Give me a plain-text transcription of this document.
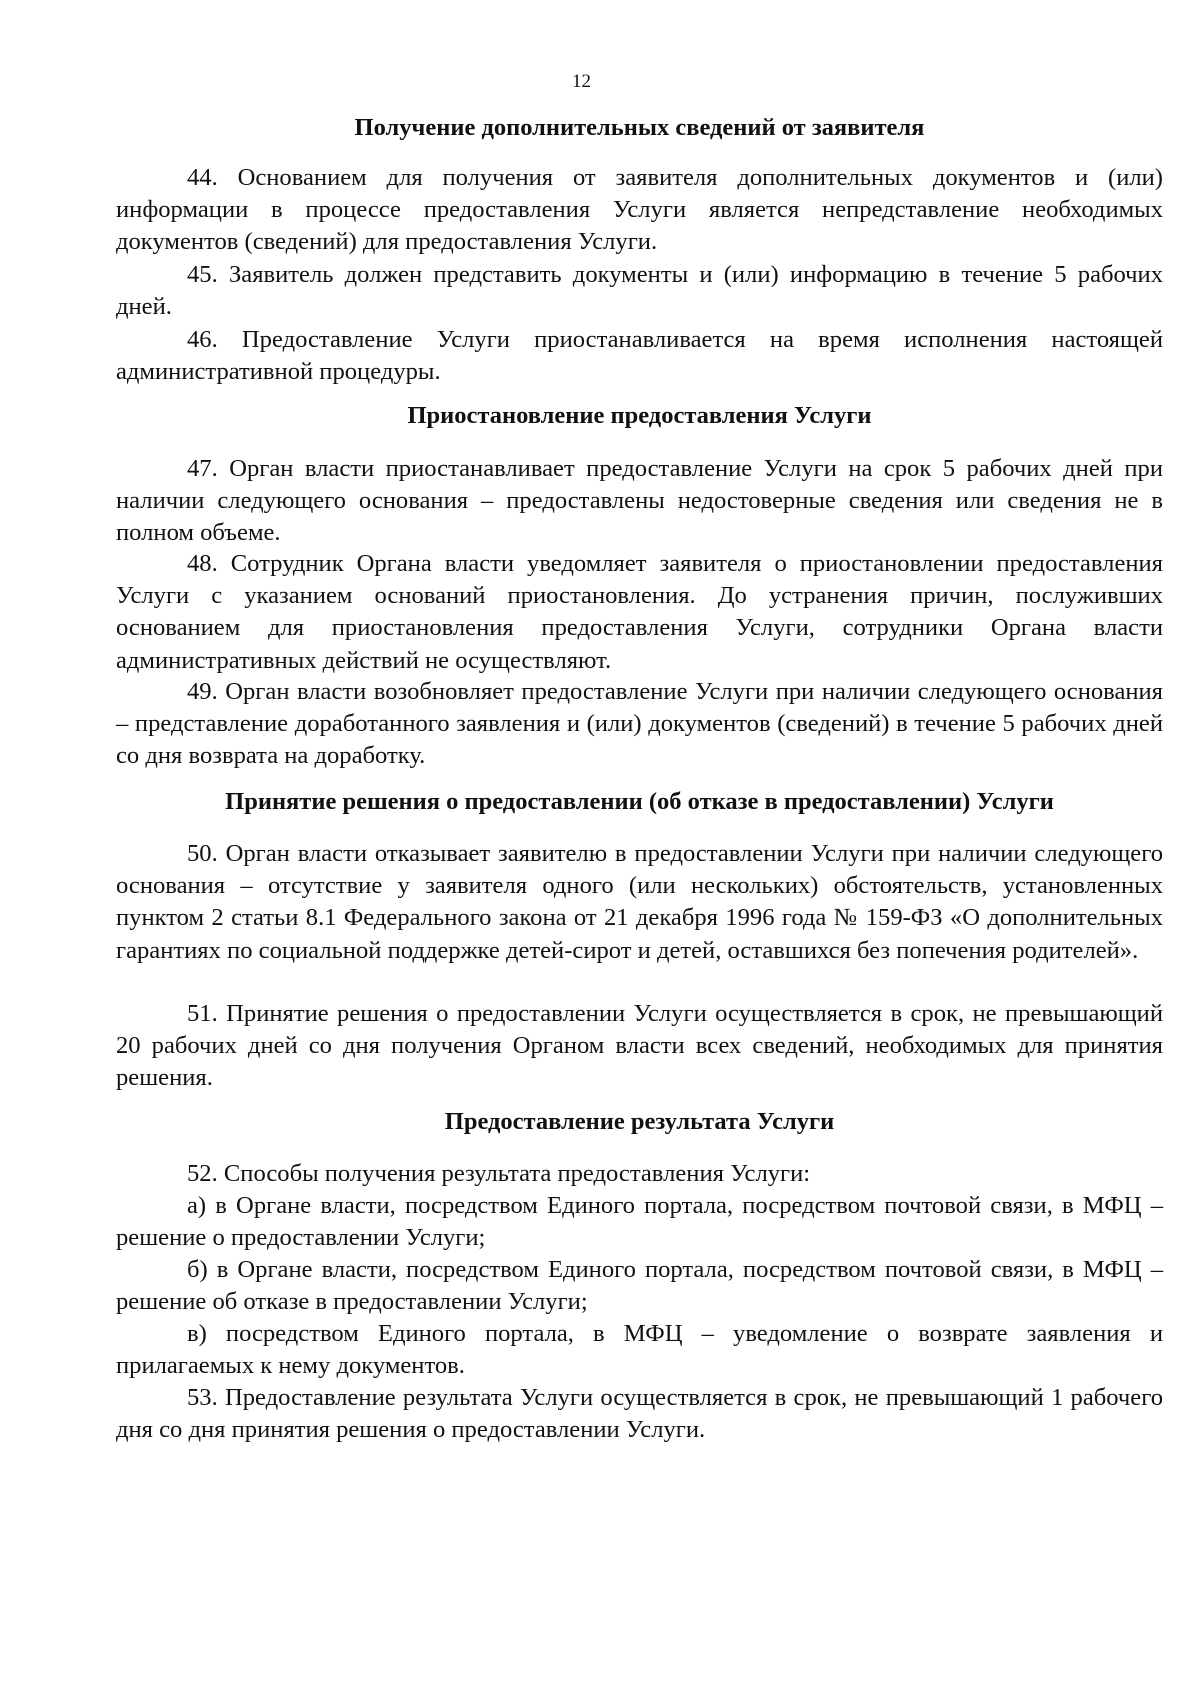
12
Получение дополнительных сведений от заявителя

44. Основанием для получения от заявителя дополнительных документов и (или) информации в процессе предоставления Услуги является непредставление необходимых документов (сведений) для предоставления Услуги.

45. Заявитель должен представить документы и (или) информацию в течение 5 рабочих дней.

46. Предоставление Услуги приостанавливается на время исполнения настоящей административной процедуры.

Приостановление предоставления Услуги

47. Орган власти приостанавливает предоставление Услуги на срок 5 рабочих дней при наличии следующего основания – предоставлены недостоверные сведения или сведения не в полном объеме.

48. Сотрудник Органа власти уведомляет заявителя о приостановлении предоставления Услуги с указанием оснований приостановления. До устранения причин, послуживших основанием для приостановления предоставления Услуги, сотрудники Органа власти административных действий не осуществляют.

49. Орган власти возобновляет предоставление Услуги при наличии следующего основания – представление доработанного заявления и (или) документов (сведений) в течение 5 рабочих дней со дня возврата на доработку.

Принятие решения о предоставлении (об отказе в предоставлении) Услуги

50. Орган власти отказывает заявителю в предоставлении Услуги при наличии следующего основания – отсутствие у заявителя одного (или нескольких) обстоятельств, установленных пунктом 2 статьи 8.1 Федерального закона от 21 декабря 1996 года № 159-ФЗ «О дополнительных гарантиях по социальной поддержке детей-сирот и детей, оставшихся без попечения родителей».

51. Принятие решения о предоставлении Услуги осуществляется в срок, не превышающий 20 рабочих дней со дня получения Органом власти всех сведений, необходимых для принятия решения.

Предоставление результата Услуги

52. Способы получения результата предоставления Услуги:

а) в Органе власти, посредством Единого портала, посредством почтовой связи, в МФЦ – решение о предоставлении Услуги;

б) в Органе власти, посредством Единого портала, посредством почтовой связи, в МФЦ – решение об отказе в предоставлении Услуги;

в) посредством Единого портала, в МФЦ – уведомление о возврате заявления и прилагаемых к нему документов.

53. Предоставление результата Услуги осуществляется в срок, не превышающий 1 рабочего дня со дня принятия решения о предоставлении Услуги.
